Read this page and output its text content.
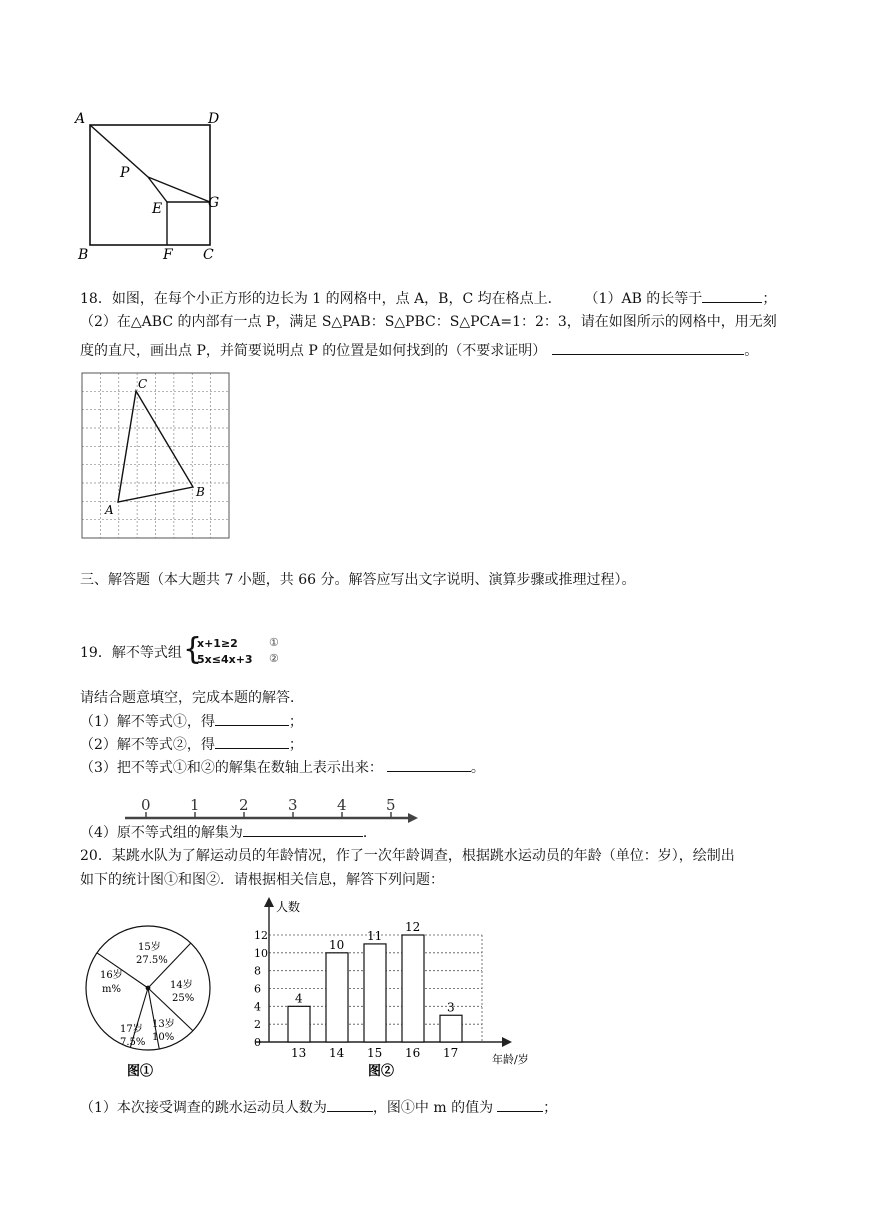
A	D
P
E	G
B	F C
18．如图，在每个小正方形的边长为 1 的网格中，点 A，B，C 均在格点上． （1）AB 的长等于	；
（2）在△ABC 的内部有一点 P，满足 S△PAB：S△PBC：S△PCA=1：2：3，请在如图所示的网格中，用无刻
度的直尺，画出点 P，并简要说明点 P 的位置是如何找到的（不要求证明）	。
C
B
A
三、解答题（本大题共 7 小题，共 66 分。解答应写出文字说明、演算步骤或推理过程）。
19．解不等式组 {
x+1≥2
5x≤4x+3
①
②
请结合题意填空，完成本题的解答．
（1）解不等式①，得	；
（2）解不等式②，得	；
（3）把不等式①和②的解集在数轴上表示出来：	。
0	1	2	3	4	5
（4）原不等式组的解集为	．
20．某跳水队为了解运动员的年龄情况，作了一次年龄调查，根据跳水运动员的年龄（单位：岁），绘制出
如下的统计图①和图②．请根据相关信息，解答下列问题：
15岁
27.5%
14岁
25%
13岁
10%
17岁
7.5%
16岁
m%
图①
人数
年龄/岁
0
2
4
6
8
10
12
4
13
10
14
11
15
12
16
3
17
图②
（1）本次接受调查的跳水运动员人数为	，图①中 m 的值为	；
